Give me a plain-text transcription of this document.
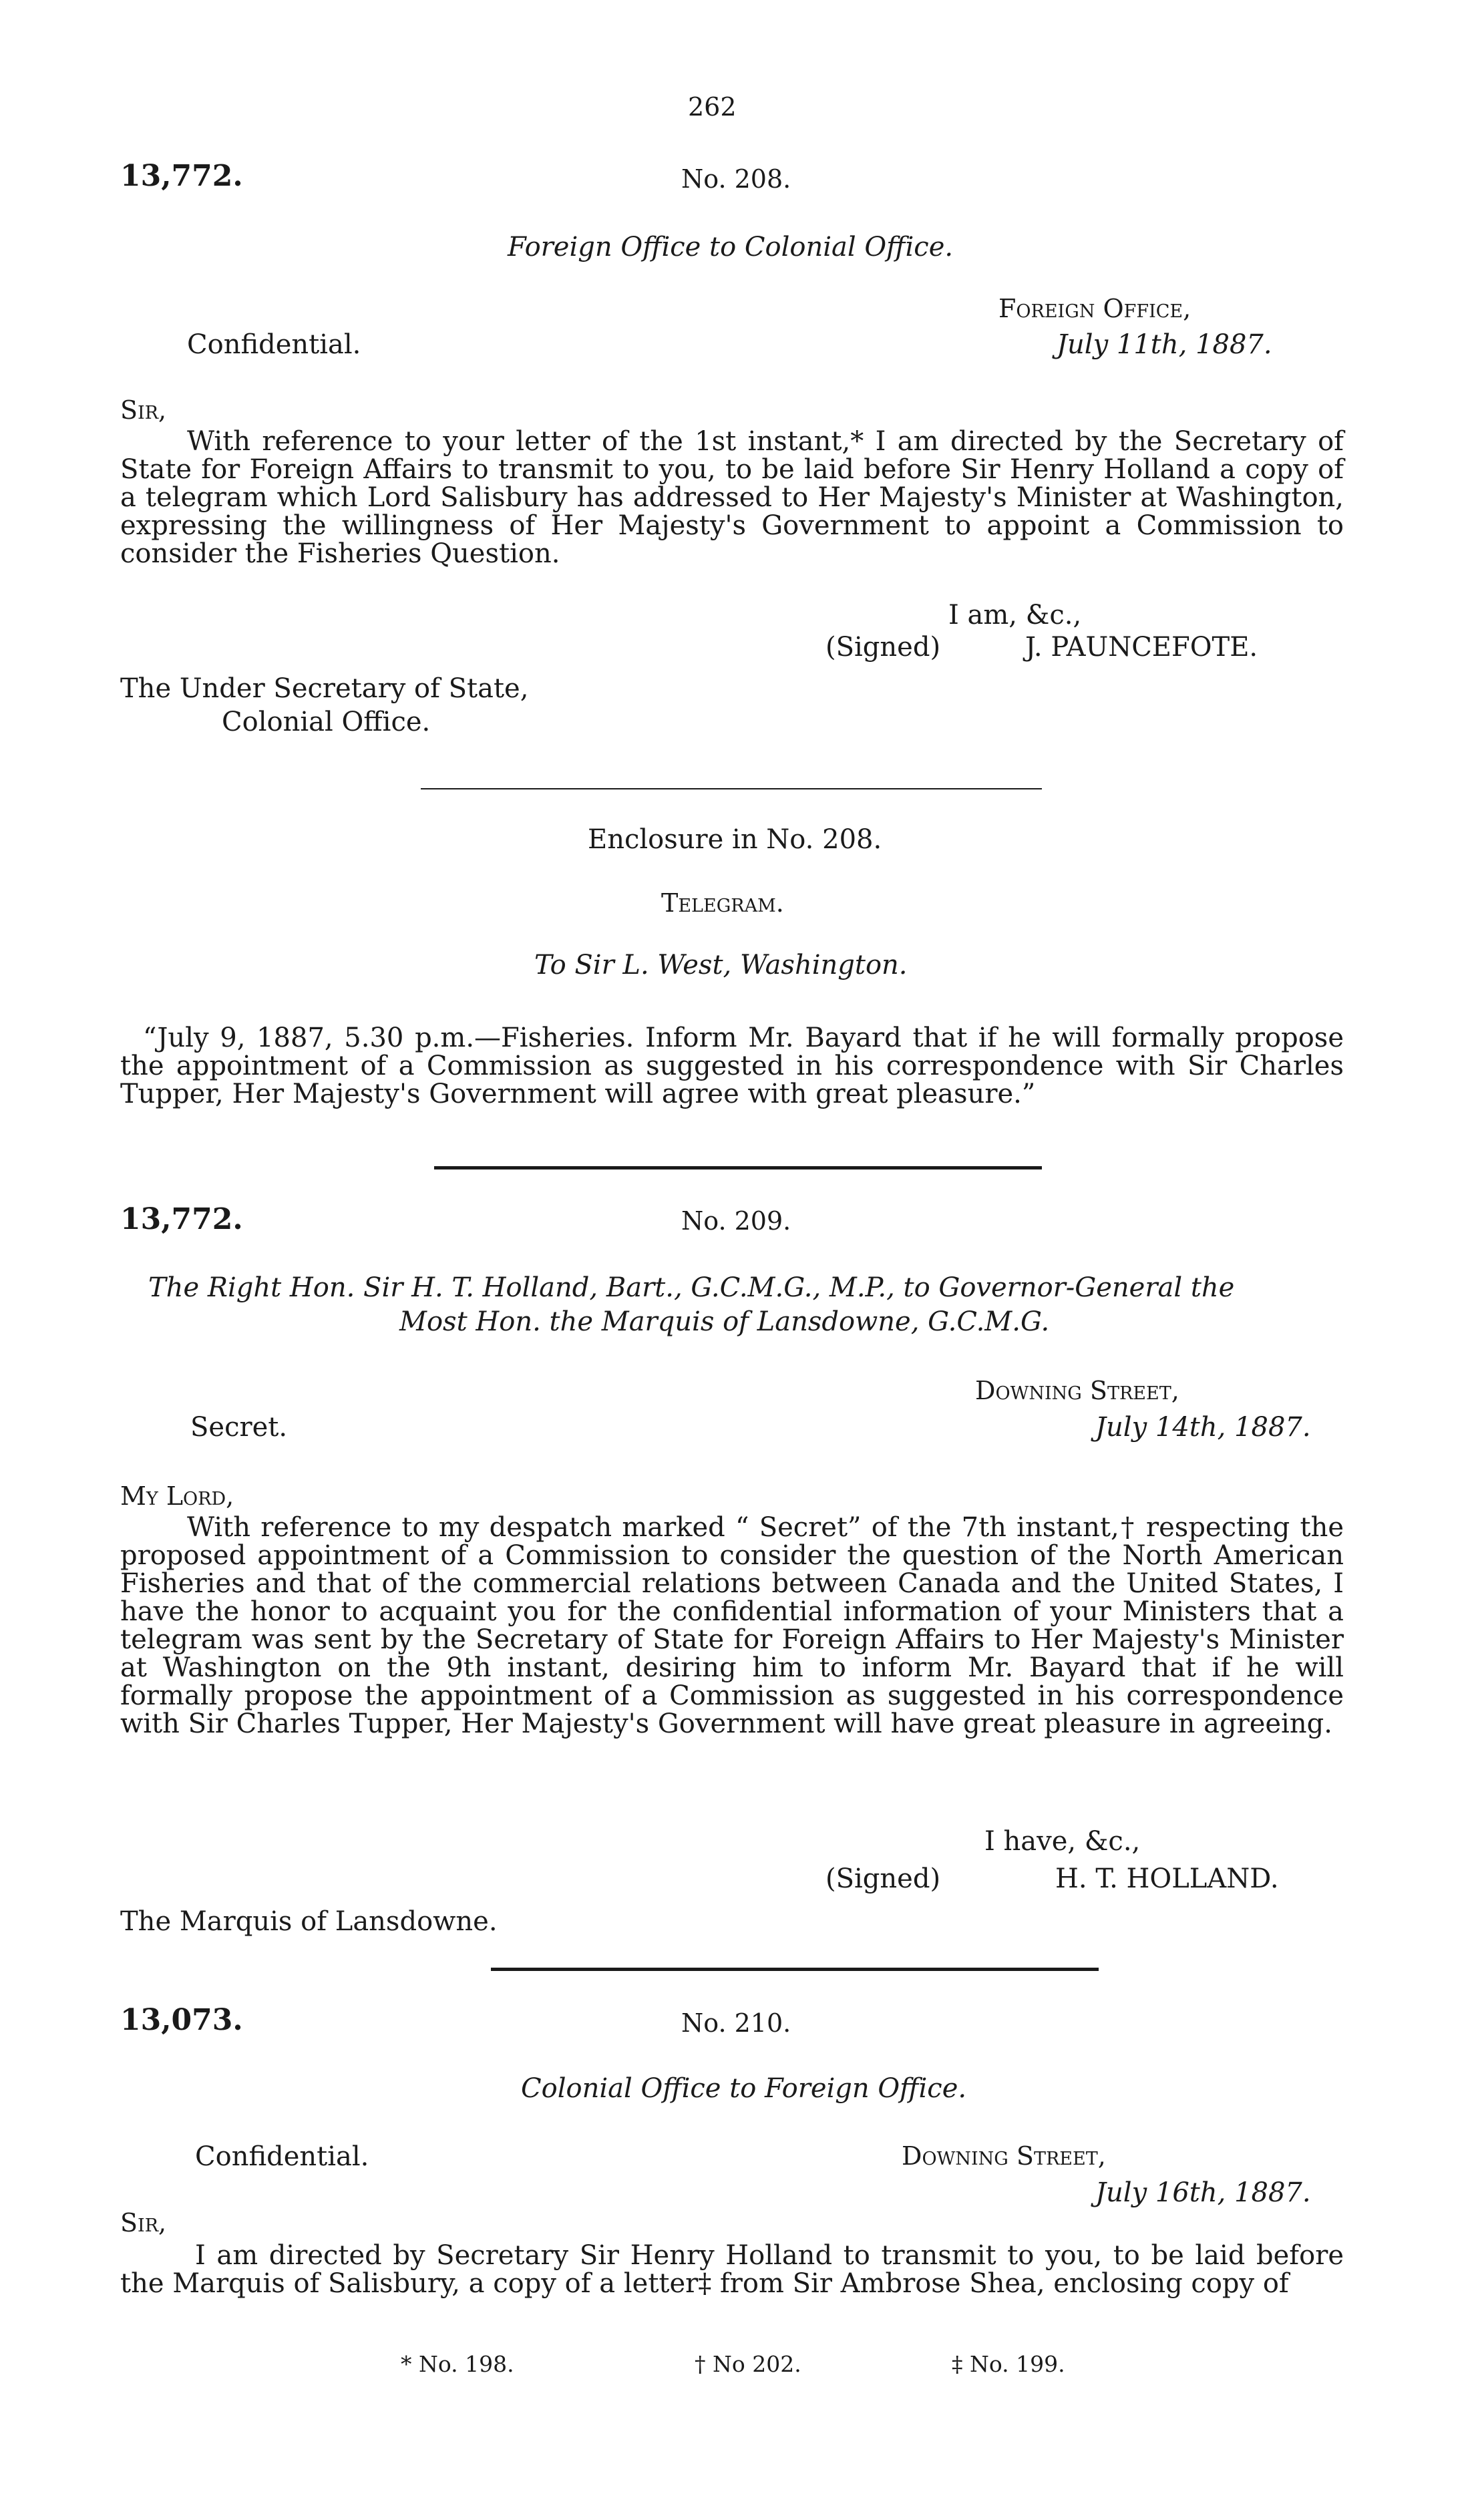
262
13,772.	No. 208.
Foreign Office to Colonial Office.
Foreign Office,
Confidential.	July 11th, 1887.
Sir,
With reference to your letter of the 1st instant,* I am directed by the Secretary of State for Foreign Affairs to transmit to you, to be laid before Sir Henry Holland a copy of a telegram which Lord Salisbury has addressed to Her Majesty's Minister at Washington, expressing the willingness of Her Majesty's Government to appoint a Commission to consider the Fisheries Question.
I am, &c.,
(Signed)	J. PAUNCEFOTE.
The Under Secretary of State,
Colonial Office.
Enclosure in No. 208.
Telegram.
To Sir L. West, Washington.
“July 9, 1887, 5.30 p.m.—Fisheries. Inform Mr. Bayard that if he will formally propose the appointment of a Commission as suggested in his correspondence with Sir Charles Tupper, Her Majesty's Government will agree with great pleasure.”
13,772.	No. 209.
The Right Hon. Sir H. T. Holland, Bart., G.C.M.G., M.P., to Governor-General the
Most Hon. the Marquis of Lansdowne, G.C.M.G.
Downing Street,
Secret.	July 14th, 1887.
My Lord,
With reference to my despatch marked “ Secret” of the 7th instant,† respecting the proposed appointment of a Commission to consider the question of the North American Fisheries and that of the commercial relations between Canada and the United States, I have the honor to acquaint you for the confidential information of your Ministers that a telegram was sent by the Secretary of State for Foreign Affairs to Her Majesty's Minister at Washington on the 9th instant, desiring him to inform Mr. Bayard that if he will formally propose the appointment of a Commission as suggested in his correspondence with Sir Charles Tupper, Her Majesty's Government will have great pleasure in agreeing.
I have, &c.,
(Signed)	H. T. HOLLAND.
The Marquis of Lansdowne.
13,073.	No. 210.
Colonial Office to Foreign Office.
Confidential.	Downing Street,
July 16th, 1887.
Sir,
I am directed by Secretary Sir Henry Holland to transmit to you, to be laid before the Marquis of Salisbury, a copy of a letter‡ from Sir Ambrose Shea, enclosing copy of
* No. 198.	† No 202.	‡ No. 199.
